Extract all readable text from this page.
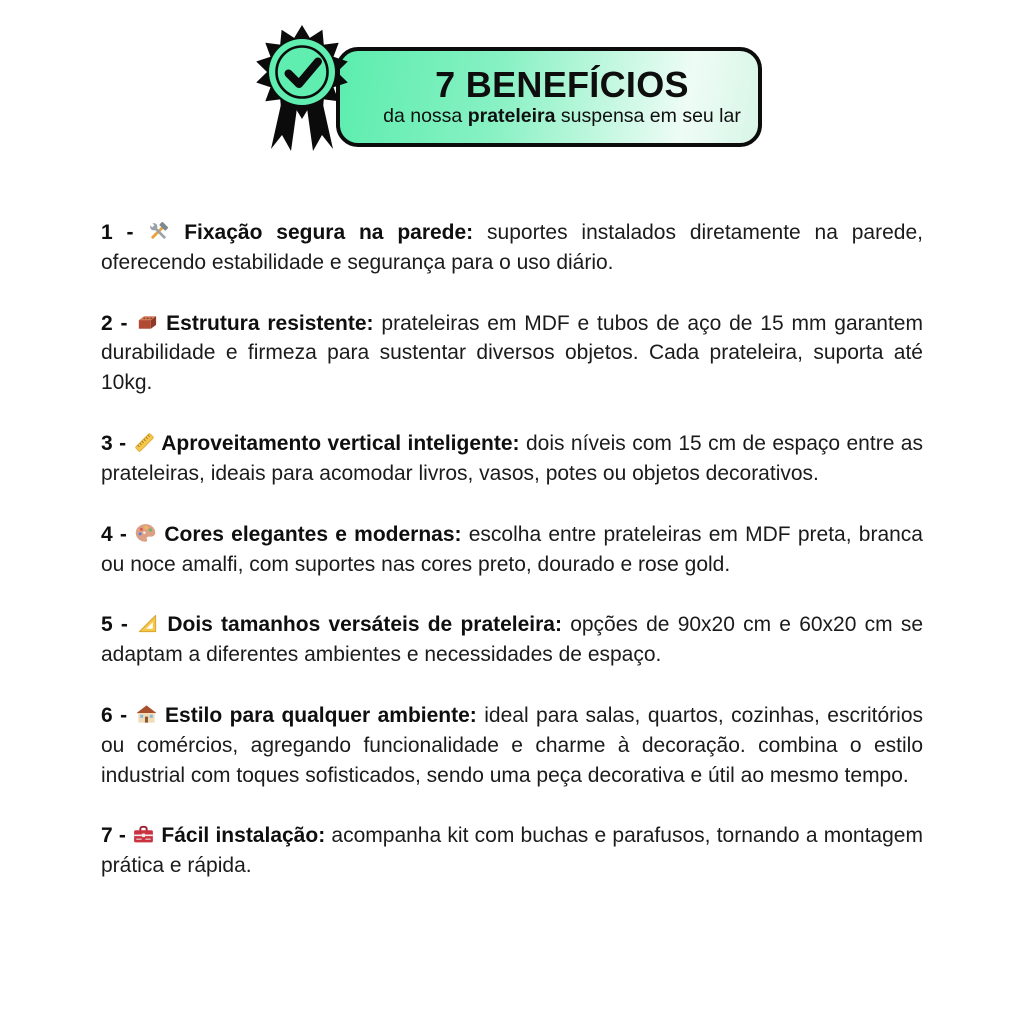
7 BENEFÍCIOS
da nossa prateleira suspensa em seu lar

1 - Fixação segura na parede: suportes instalados diretamente na parede, oferecendo estabilidade e segurança para o uso diário.

2 - Estrutura resistente: prateleiras em MDF e tubos de aço de 15 mm garantem durabilidade e firmeza para sustentar diversos objetos. Cada prateleira, suporta até 10kg.

3 - Aproveitamento vertical inteligente: dois níveis com 15 cm de espaço entre as prateleiras, ideais para acomodar livros, vasos, potes ou objetos decorativos.

4 - Cores elegantes e modernas: escolha entre prateleiras em MDF preta, branca ou noce amalfi, com suportes nas cores preto, dourado e rose gold.

5 - Dois tamanhos versáteis de prateleira: opções de 90x20 cm e 60x20 cm se adaptam a diferentes ambientes e necessidades de espaço.

6 - Estilo para qualquer ambiente: ideal para salas, quartos, cozinhas, escritórios ou comércios, agregando funcionalidade e charme à decoração. combina o estilo industrial com toques sofisticados, sendo uma peça decorativa e útil ao mesmo tempo.

7 - Fácil instalação: acompanha kit com buchas e parafusos, tornando a montagem prática e rápida.
